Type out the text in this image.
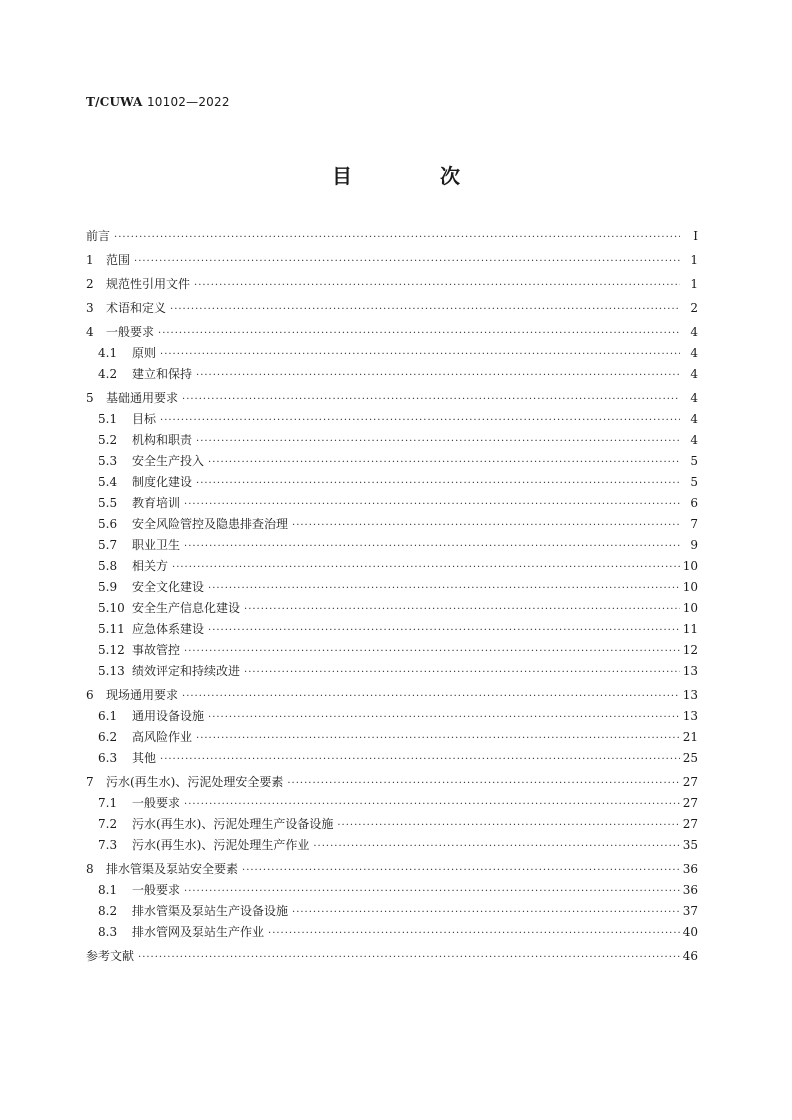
T/CUWA 10102—2022
目　次
前言 ·····	I
1	范围 ·····	1
2	规范性引用文件 ·····	1
3	术语和定义 ·····	2
4	一般要求 ·····	4
4.1	原则 ·····	4
4.2	建立和保持 ·····	4
5	基础通用要求 ·····	4
5.1	目标 ·····	4
5.2	机构和职责 ·····	4
5.3	安全生产投入 ·····	5
5.4	制度化建设 ·····	5
5.5	教育培训 ·····	6
5.6	安全风险管控及隐患排查治理 ·····	7
5.7	职业卫生 ·····	9
5.8	相关方 ·····	10
5.9	安全文化建设 ·····	10
5.10 安全生产信息化建设 ·····	10
5.11 应急体系建设 ·····	11
5.12 事故管控 ·····	12
5.13 绩效评定和持续改进 ·····	13
6	现场通用要求 ·····	13
6.1	通用设备设施 ·····	13
6.2	高风险作业 ·····	21
6.3	其他 ·····	25
7	污水(再生水)、污泥处理安全要素 ·····	27
7.1	一般要求 ·····	27
7.2	污水(再生水)、污泥处理生产设备设施 ·····	27
7.3	污水(再生水)、污泥处理生产作业 ·····	35
8	排水管渠及泵站安全要素 ·····	36
8.1	一般要求 ·····	36
8.2	排水管渠及泵站生产设备设施 ·····	37
8.3	排水管网及泵站生产作业 ·····	40
参考文献 ·····	46
